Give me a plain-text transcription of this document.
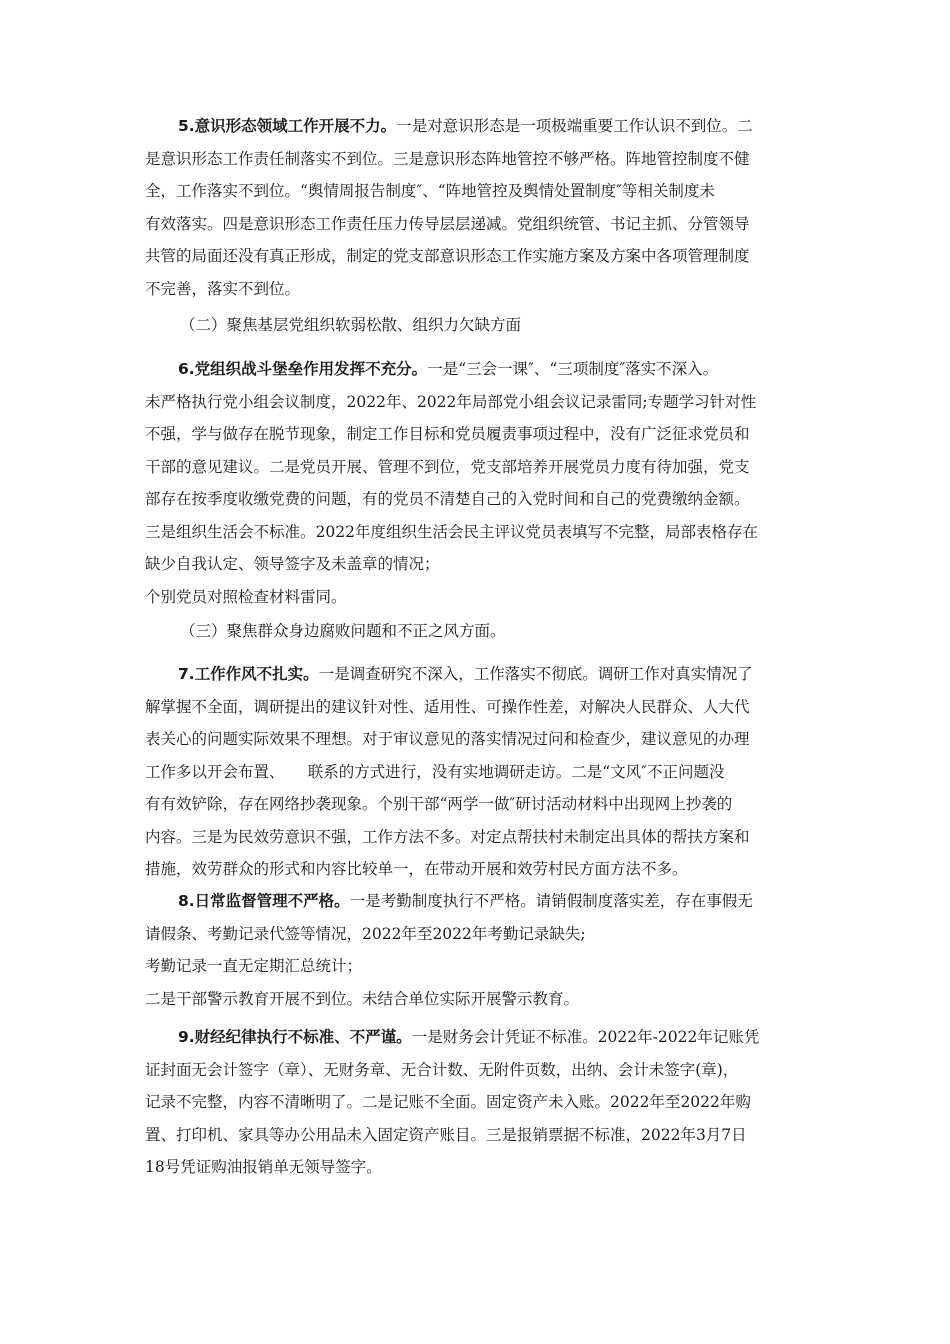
5.意识形态领域工作开展不力。一是对意识形态是一项极端重要工作认识不到位。二
是意识形态工作责任制落实不到位。三是意识形态阵地管控不够严格。阵地管控制度不健
全，工作落实不到位。“舆情周报告制度″、“阵地管控及舆情处置制度″等相关制度未
有效落实。四是意识形态工作责任压力传导层层递减。党组织统管、书记主抓、分管领导
共管的局面还没有真正形成，制定的党支部意识形态工作实施方案及方案中各项管理制度
不完善，落实不到位。
（二）聚焦基层党组织软弱松散、组织力欠缺方面
6.党组织战斗堡垒作用发挥不充分。一是“三会一课″、“三项制度″落实不深入。
未严格执行党小组会议制度，2022年、2022年局部党小组会议记录雷同;专题学习针对性
不强，学与做存在脱节现象，制定工作目标和党员履责事项过程中，没有广泛征求党员和
干部的意见建议。二是党员开展、管理不到位，党支部培养开展党员力度有待加强，党支
部存在按季度收缴党费的问题，有的党员不清楚自己的入党时间和自己的党费缴纳金额。
三是组织生活会不标准。2022年度组织生活会民主评议党员表填写不完整，局部表格存在
缺少自我认定、领导签字及未盖章的情况；
个别党员对照检查材料雷同。
（三）聚焦群众身边腐败问题和不正之风方面。
7.工作作风不扎实。一是调查研究不深入，工作落实不彻底。调研工作对真实情况了
解掌握不全面，调研提出的建议针对性、适用性、可操作性差，对解决人民群众、人大代
表关心的问题实际效果不理想。对于审议意见的落实情况过问和检查少，建议意见的办理
工作多以开会布置、　　联系的方式进行，没有实地调研走访。二是“文风″不正问题没
有有效铲除，存在网络抄袭现象。个别干部“两学一做″研讨活动材料中出现网上抄袭的
内容。三是为民效劳意识不强，工作方法不多。对定点帮扶村未制定出具体的帮扶方案和
措施，效劳群众的形式和内容比较单一，在带动开展和效劳村民方面方法不多。
8.日常监督管理不严格。一是考勤制度执行不严格。请销假制度落实差，存在事假无
请假条、考勤记录代签等情况，2022年至2022年考勤记录缺失;
考勤记录一直无定期汇总统计；
二是干部警示教育开展不到位。未结合单位实际开展警示教育。
9.财经纪律执行不标准、不严谨。一是财务会计凭证不标准。2022年-2022年记账凭
证封面无会计签字（章）、无财务章、无合计数、无附件页数，出纳、会计未签字(章)，
记录不完整，内容不清晰明了。二是记账不全面。固定资产未入账。2022年至2022年购
置、打印机、家具等办公用品未入固定资产账目。三是报销票据不标准，2022年3月7日
18号凭证购油报销单无领导签字。
